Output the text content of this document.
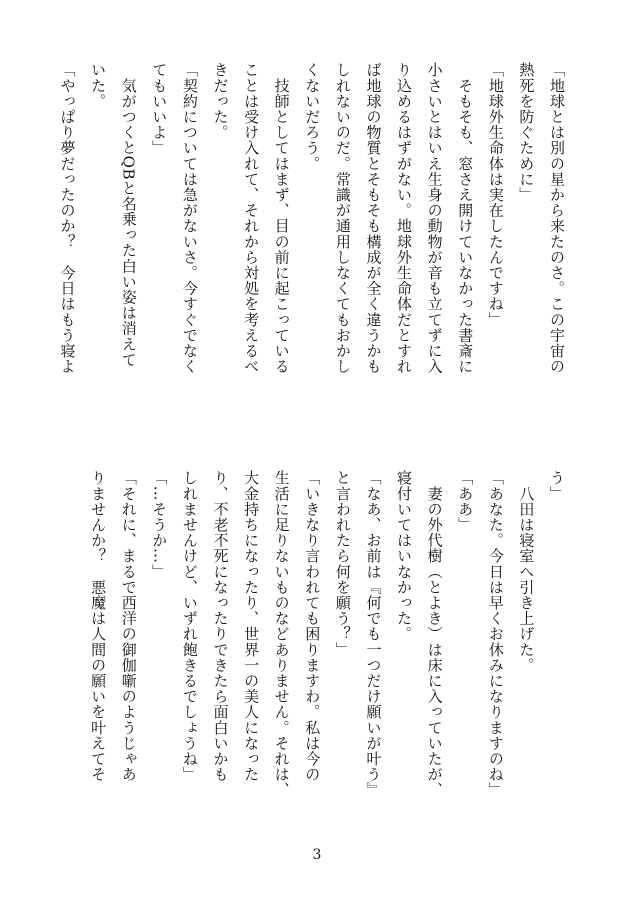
「地球とは別の星から来たのさ。この宇宙の
熱死を防ぐために」
「地球外生命体は実在したんですね」
　そもそも、窓さえ開けていなかった書斎に
小さいとはいえ生身の動物が音も立てずに入
り込めるはずがない。地球外生命体だとすれ
ば地球の物質とそもそも構成が全く違うかも
しれないのだ。常識が通用しなくてもおかし
くないだろう。
　技師としてはまず、目の前に起こっている
ことは受け入れて、それから対処を考えるべ
きだった。
「契約については急がないさ。今すぐでなく
てもいいよ」
　気がつくとQBと名乗った白い姿は消えて
いた。
「やっぱり夢だったのか？　今日はもう寝よ
う」
　八田は寝室へ引き上げた。
「あなた。今日は早くお休みになりますのね」
「ああ」
　妻の外代樹（とよき）は床に入っていたが、
寝付いてはいなかった。
「なあ、お前は『何でも一つだけ願いが叶う』
と言われたら何を願う？」
「いきなり言われても困りますわ。私は今の
生活に足りないものなどありません。それは、
大金持ちになったり、世界一の美人になった
り、不老不死になったりできたら面白いかも
しれませんけど、いずれ飽きるでしょうね」
「…そうか…」
「それに、まるで西洋の御伽噺のようじゃあ
りませんか？　悪魔は人間の願いを叶えてそ
3
